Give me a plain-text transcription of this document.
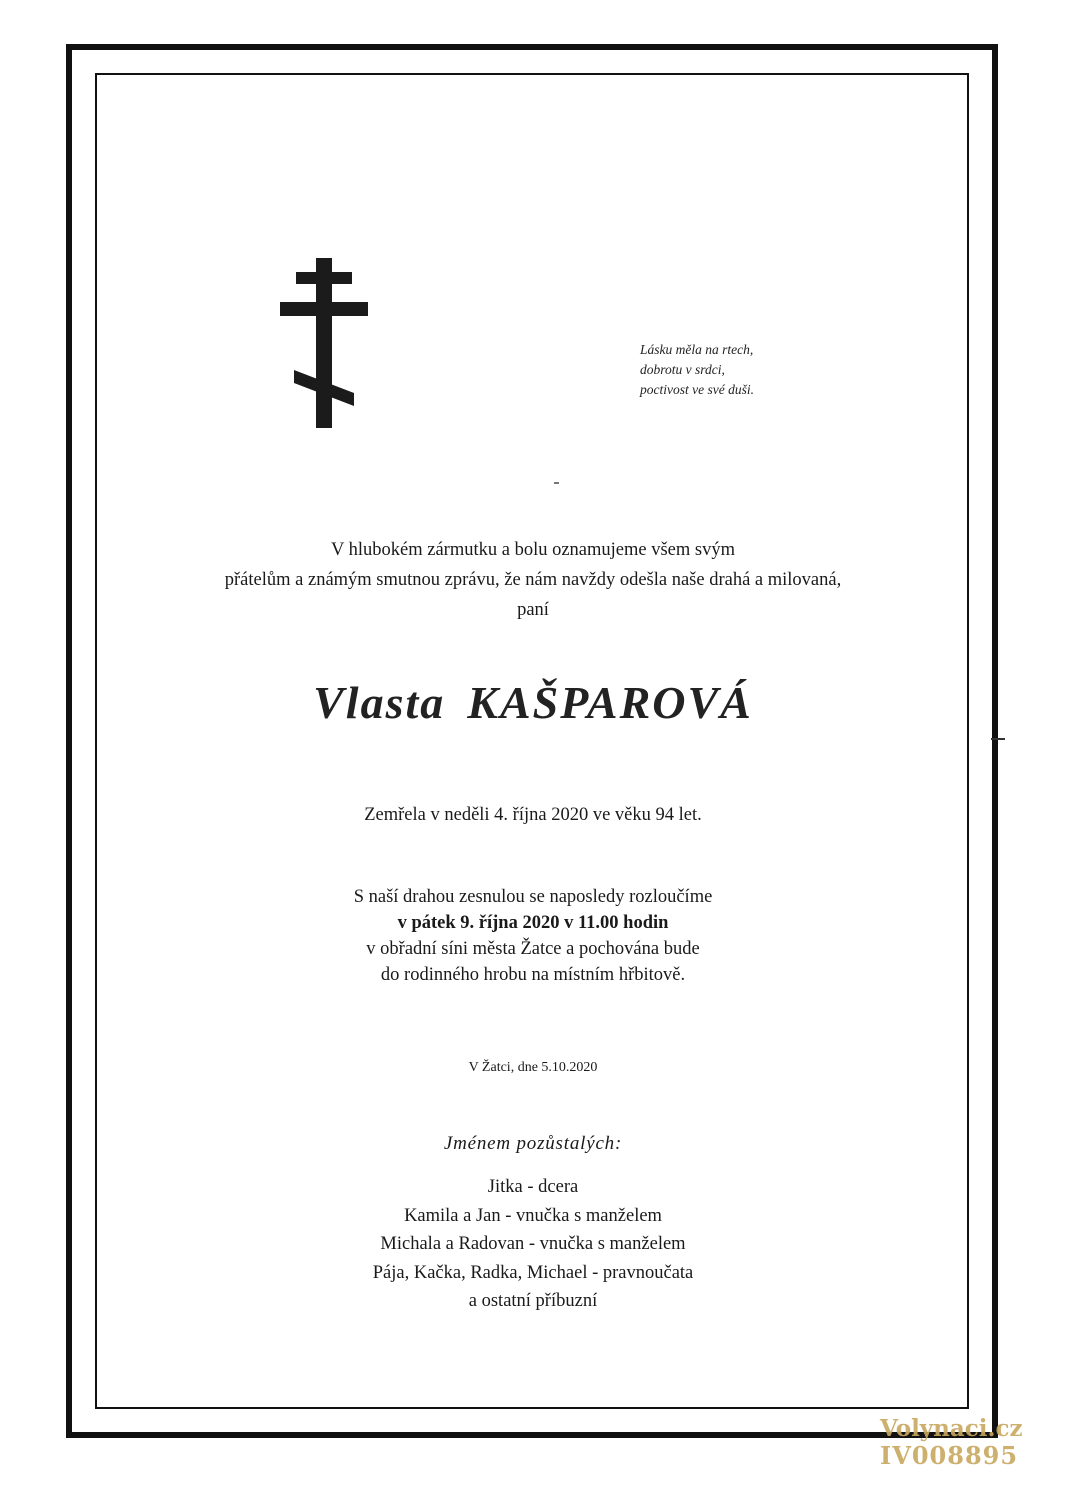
Lásku měla na rtech,
dobrotu v srdci,
poctivost ve své duši.
V hlubokém zármutku a bolu oznamujeme všem svým
přátelům a známým smutnou zprávu, že nám navždy odešla naše drahá a milovaná,
paní
Vlasta KAŠPAROVÁ
Zemřela v neděli 4. října 2020 ve věku 94 let.
S naší drahou zesnulou se naposledy rozloučíme
v pátek 9. října 2020 v 11.00 hodin
v obřadní síni města Žatce a pochována bude
do rodinného hrobu na místním hřbitově.
V Žatci, dne 5.10.2020
Jménem pozůstalých:
Jitka - dcera
Kamila a Jan - vnučka s manželem
Michala a Radovan - vnučka s manželem
Pája, Kačka, Radka, Michael - pravnoučata
a ostatní příbuzní
Volynaci.cz
IV008895
